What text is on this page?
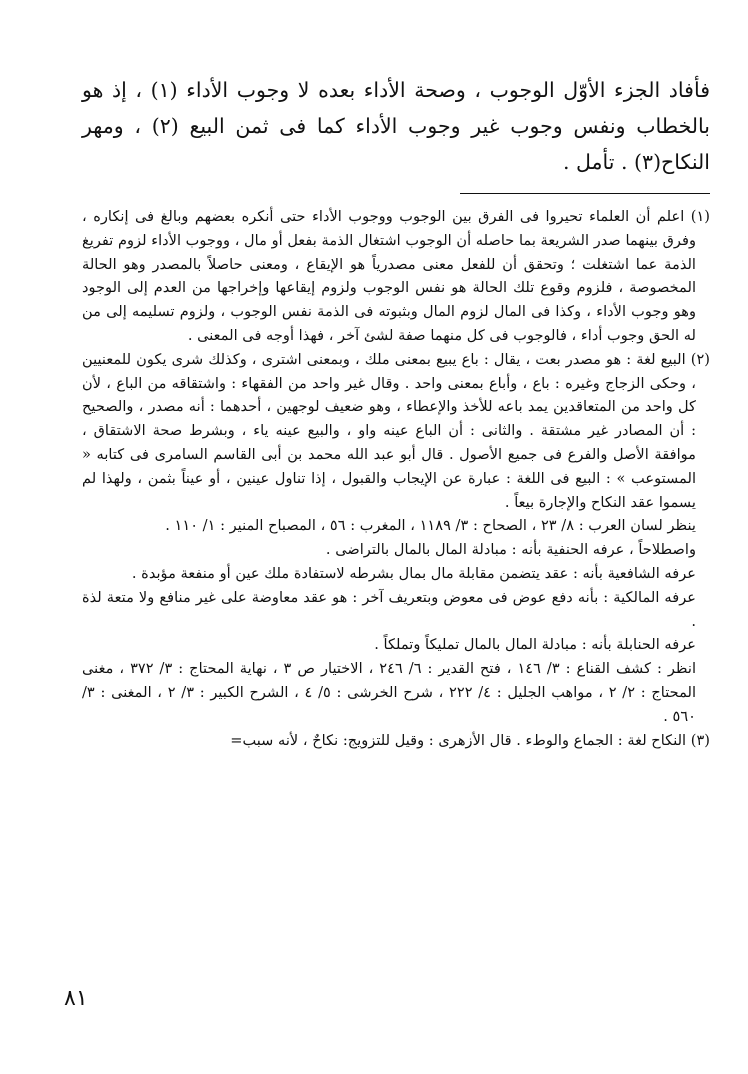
فأفاد الجزء الأوّل الوجوب ، وصحة الأداء بعده لا وجوب الأداء (١) ، إذ هو بالخطاب ونفس وجوب غير وجوب الأداء كما فى ثمن البيع (٢) ، ومهر النكاح(٣) . تأمل .

(١) اعلم أن العلماء تحيروا فى الفرق بين الوجوب ووجوب الأداء حتى أنكره بعضهم وبالغ فى إنكاره ، وفرق بينهما صدر الشريعة بما حاصله أن الوجوب اشتغال الذمة بفعل أو مال ، ووجوب الأداء لزوم تفريغ الذمة عما اشتغلت ؛ وتحقق أن للفعل معنى مصدرياً هو الإيقاع ، ومعنى حاصلاً بالمصدر وهو الحالة المخصوصة ، فلزوم وقوع تلك الحالة هو نفس الوجوب ولزوم إيقاعها وإخراجها من العدم إلى الوجود وهو وجوب الأداء ، وكذا فى المال لزوم المال وبثبوته فى الذمة نفس الوجوب ، ولزوم تسليمه إلى من له الحق وجوب أداء ، فالوجوب فى كل منهما صفة لشئ آخر ، فهذا أوجه فى المعنى .

(٢) البيع لغة : هو مصدر بعت ، يقال : باع يبيع بمعنى ملك ، وبمعنى اشترى ، وكذلك شرى يكون للمعنيين ، وحكى الزجاج وغيره : باع ، وأباع بمعنى واحد . وقال غير واحد من الفقهاء : واشتقاقه من الباع ، لأن كل واحد من المتعاقدين يمد باعه للأخذ والإعطاء ، وهو ضعيف لوجهين ، أحدهما : أنه مصدر ، والصحيح : أن المصادر غير مشتقة . والثانى : أن الباع عينه واو ، والبيع عينه ياء ، وبشرط صحة الاشتقاق ، موافقة الأصل والفرع فى جميع الأصول . قال أبو عبد الله محمد بن أبى القاسم السامرى فى كتابه « المستوعب » : البيع فى اللغة : عبارة عن الإيجاب والقبول ، إذا تناول عينين ، أو عيناً بثمن ، ولهذا لم يسموا عقد النكاح والإجارة بيعاً .

ينظر لسان العرب : ٨/ ٢٣ ، الصحاح : ٣/ ١١٨٩ ، المغرب : ٥٦ ، المصباح المنير : ١/ ١١٠ .

واصطلاحاً ، عرفه الحنفية بأنه : مبادلة المال بالمال بالتراضى .

عرفه الشافعية بأنه : عقد يتضمن مقابلة مال بمال بشرطه لاستفادة ملك عين أو منفعة مؤبدة .

عرفه المالكية : بأنه دفع عوض فى معوض وبتعريف آخر : هو عقد معاوضة على غير منافع ولا متعة لذة .

عرفه الحنابلة بأنه : مبادلة المال بالمال تمليكاً وتملكاً .

انظر : كشف القناع : ٣/ ١٤٦ ، فتح القدير : ٦/ ٢٤٦ ، الاختيار ص ٣ ، نهاية المحتاج : ٣/ ٣٧٢ ، مغنى المحتاج : ٢/ ٢ ، مواهب الجليل : ٤/ ٢٢٢ ، شرح الخرشى : ٥/ ٤ ، الشرح الكبير : ٣/ ٢ ، المغنى : ٣/ ٥٦٠ .

(٣) النكاح لغة : الجماع والوطء . قال الأزهرى : وقيل للتزويج: نكاحٌ ، لأنه سبب=

٨١
